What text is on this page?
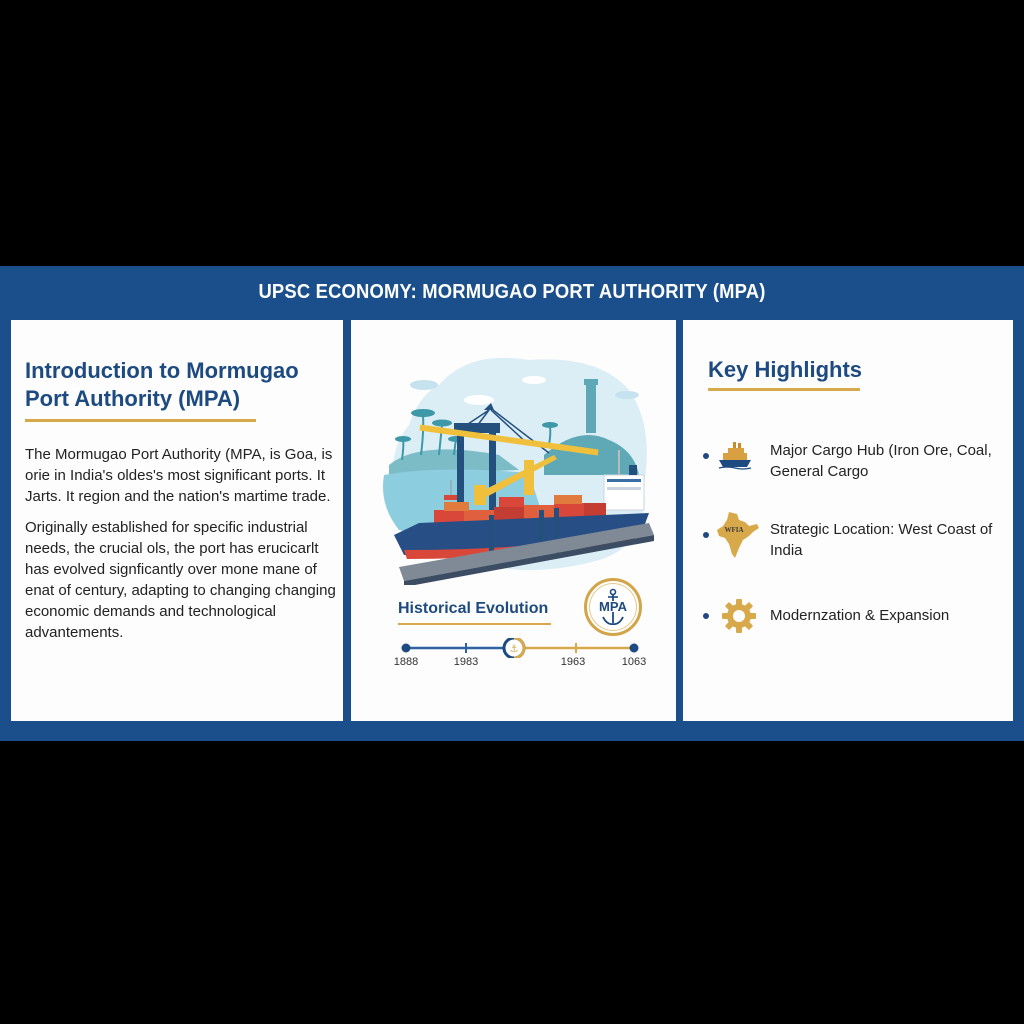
UPSC ECONOMY: MORMUGAO PORT AUTHORITY (MPA)
Introduction to Mormugao Port Authority (MPA)
The Mormugao Port Authority (MPA, is Goa, is orie in India's oldes's most significant ports. It Jarts. It region and the nation's martime trade.
Originally established for specific industrial needs, the crucial ols, the port has erucicarlt has evolved signficantly over mone mane of enat of century, adapting to changing changing economic demands and technological advantements.
Historical Evolution	MPA
⚓
1888	1983	1963	1063
Key Highlights
Major Cargo Hub (Iron Ore, Coal, General Cargo
WFIA Strategic Location: West Coast of India
Modernzation & Expansion
